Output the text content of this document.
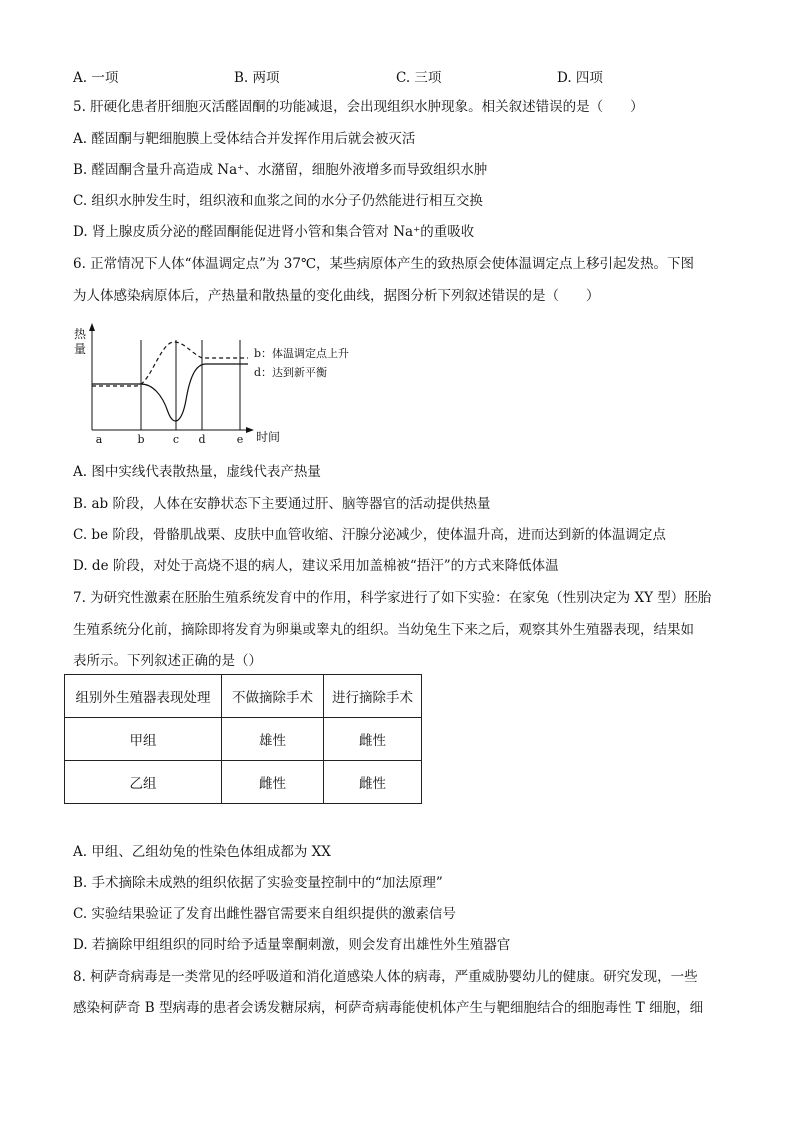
A. 一项	B. 两项	C. 三项	D. 四项
5. 肝硬化患者肝细胞灭活醛固酮的功能减退，会出现组织水肿现象。相关叙述错误的是（　　）
A. 醛固酮与靶细胞膜上受体结合并发挥作用后就会被灭活
B. 醛固酮含量升高造成 Na⁺、水潴留，细胞外液增多而导致组织水肿
C. 组织水肿发生时，组织液和血浆之间的水分子仍然能进行相互交换
D. 肾上腺皮质分泌的醛固酮能促进肾小管和集合管对 Na⁺的重吸收
6. 正常情况下人体“体温调定点”为 37℃，某些病原体产生的致热原会使体温调定点上移引起发热。下图
为人体感染病原体后，产热量和散热量的变化曲线，据图分析下列叙述错误的是（　　）
热
量
a	b	c d	e 时间
b：体温调定点上升
d：达到新平衡
A. 图中实线代表散热量，虚线代表产热量
B. ab 阶段，人体在安静状态下主要通过肝、脑等器官的活动提供热量
C. be 阶段，骨骼肌战栗、皮肤中血管收缩、汗腺分泌减少，使体温升高，进而达到新的体温调定点
D. de 阶段，对处于高烧不退的病人，建议采用加盖棉被“捂汗”的方式来降低体温
7. 为研究性激素在胚胎生殖系统发育中的作用，科学家进行了如下实验：在家兔（性别决定为 XY 型）胚胎
生殖系统分化前，摘除即将发育为卵巢或睾丸的组织。当幼兔生下来之后，观察其外生殖器表现，结果如
表所示。下列叙述正确的是（）
组别外生殖器表现处理	不做摘除手术	进行摘除手术
甲组	雄性	雌性
乙组	雌性	雌性
A. 甲组、乙组幼兔的性染色体组成都为 XX
B. 手术摘除未成熟的组织依据了实验变量控制中的“加法原理”
C. 实验结果验证了发育出雌性器官需要来自组织提供的激素信号
D. 若摘除甲组组织的同时给予适量睾酮刺激，则会发育出雄性外生殖器官
8. 柯萨奇病毒是一类常见的经呼吸道和消化道感染人体的病毒，严重威胁婴幼儿的健康。研究发现，一些
感染柯萨奇 B 型病毒的患者会诱发糖尿病，柯萨奇病毒能使机体产生与靶细胞结合的细胞毒性 T 细胞，细
